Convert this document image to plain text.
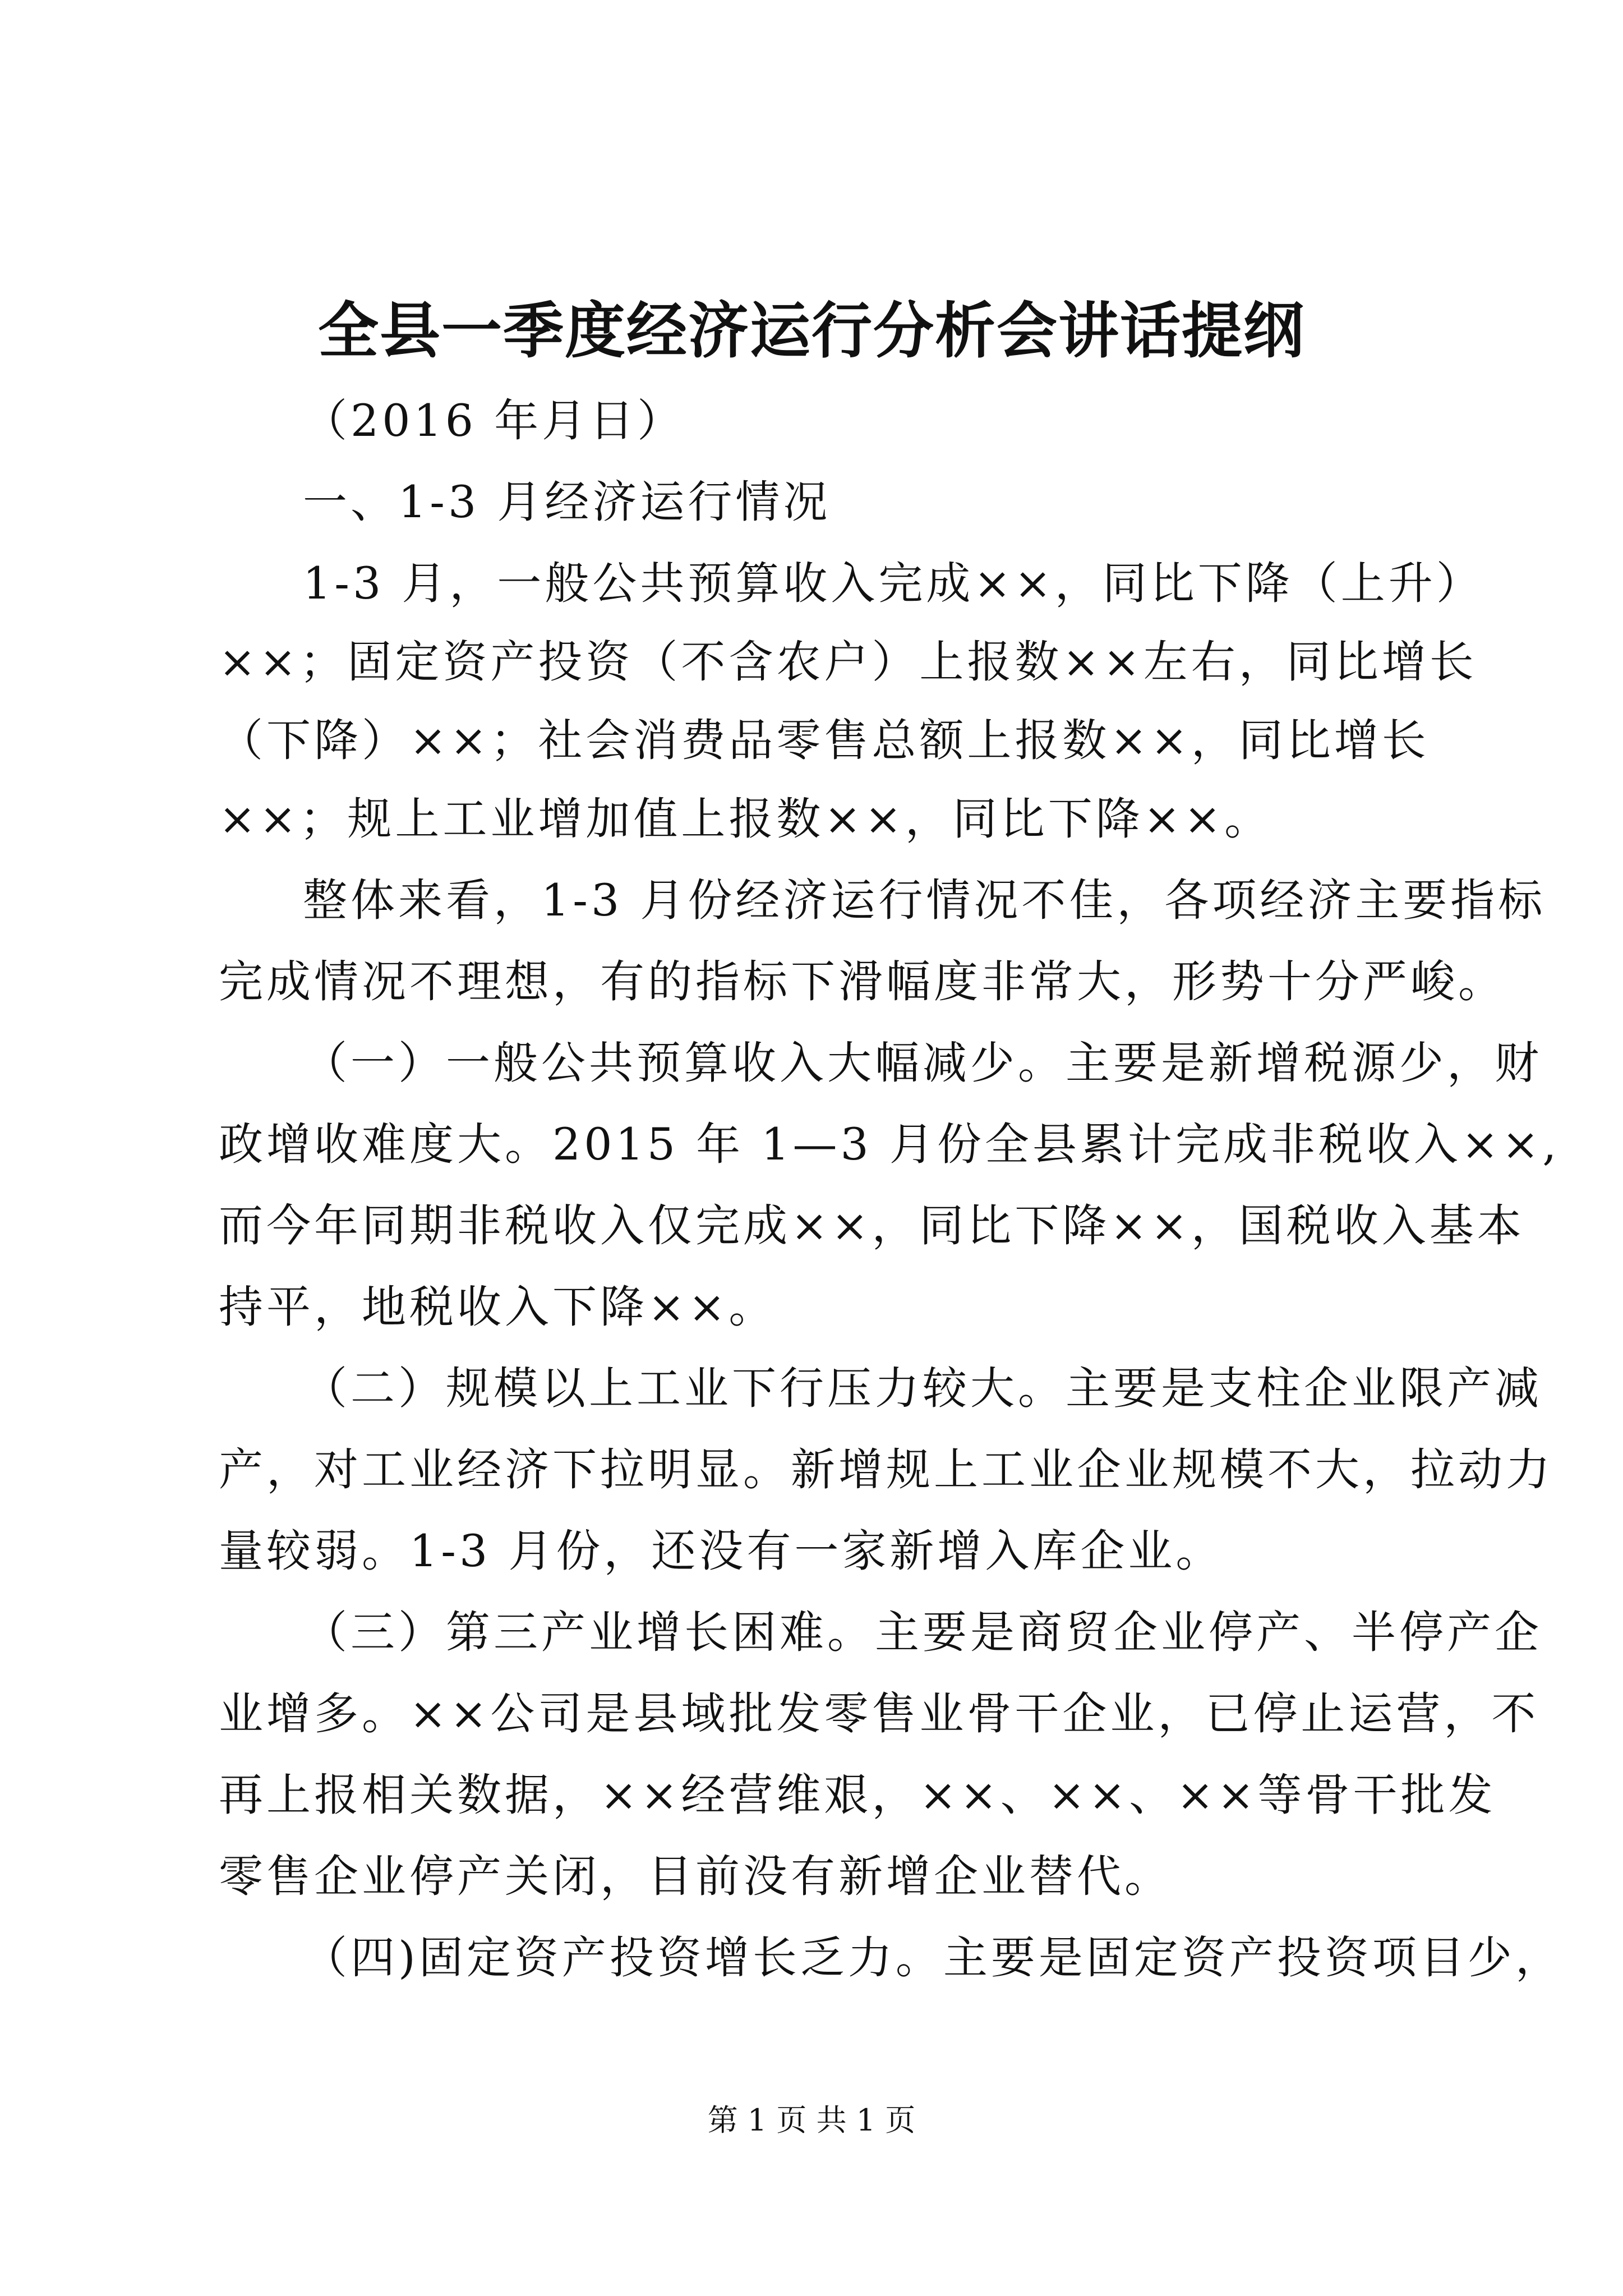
全县一季度经济运行分析会讲话提纲
（2016 年月日）
一、1-3 月经济运行情况
1-3 月，一般公共预算收入完成××，同比下降（上升）
××；固定资产投资（不含农户）上报数××左右，同比增长
（下降）××；社会消费品零售总额上报数××，同比增长
××；规上工业增加值上报数××，同比下降××。
整体来看，1-3 月份经济运行情况不佳，各项经济主要指标
完成情况不理想，有的指标下滑幅度非常大，形势十分严峻。
（一）一般公共预算收入大幅减少。主要是新增税源少，财
政增收难度大。2015 年 1—3 月份全县累计完成非税收入××,
而今年同期非税收入仅完成××，同比下降××，国税收入基本
持平，地税收入下降××。
（二）规模以上工业下行压力较大。主要是支柱企业限产减
产，对工业经济下拉明显。新增规上工业企业规模不大，拉动力
量较弱。1-3 月份，还没有一家新增入库企业。
（三）第三产业增长困难。主要是商贸企业停产、半停产企
业增多。××公司是县域批发零售业骨干企业，已停止运营，不
再上报相关数据，××经营维艰，××、××、××等骨干批发
零售企业停产关闭，目前没有新增企业替代。
（四)固定资产投资增长乏力。主要是固定资产投资项目少，
第 1 页 共 1 页
